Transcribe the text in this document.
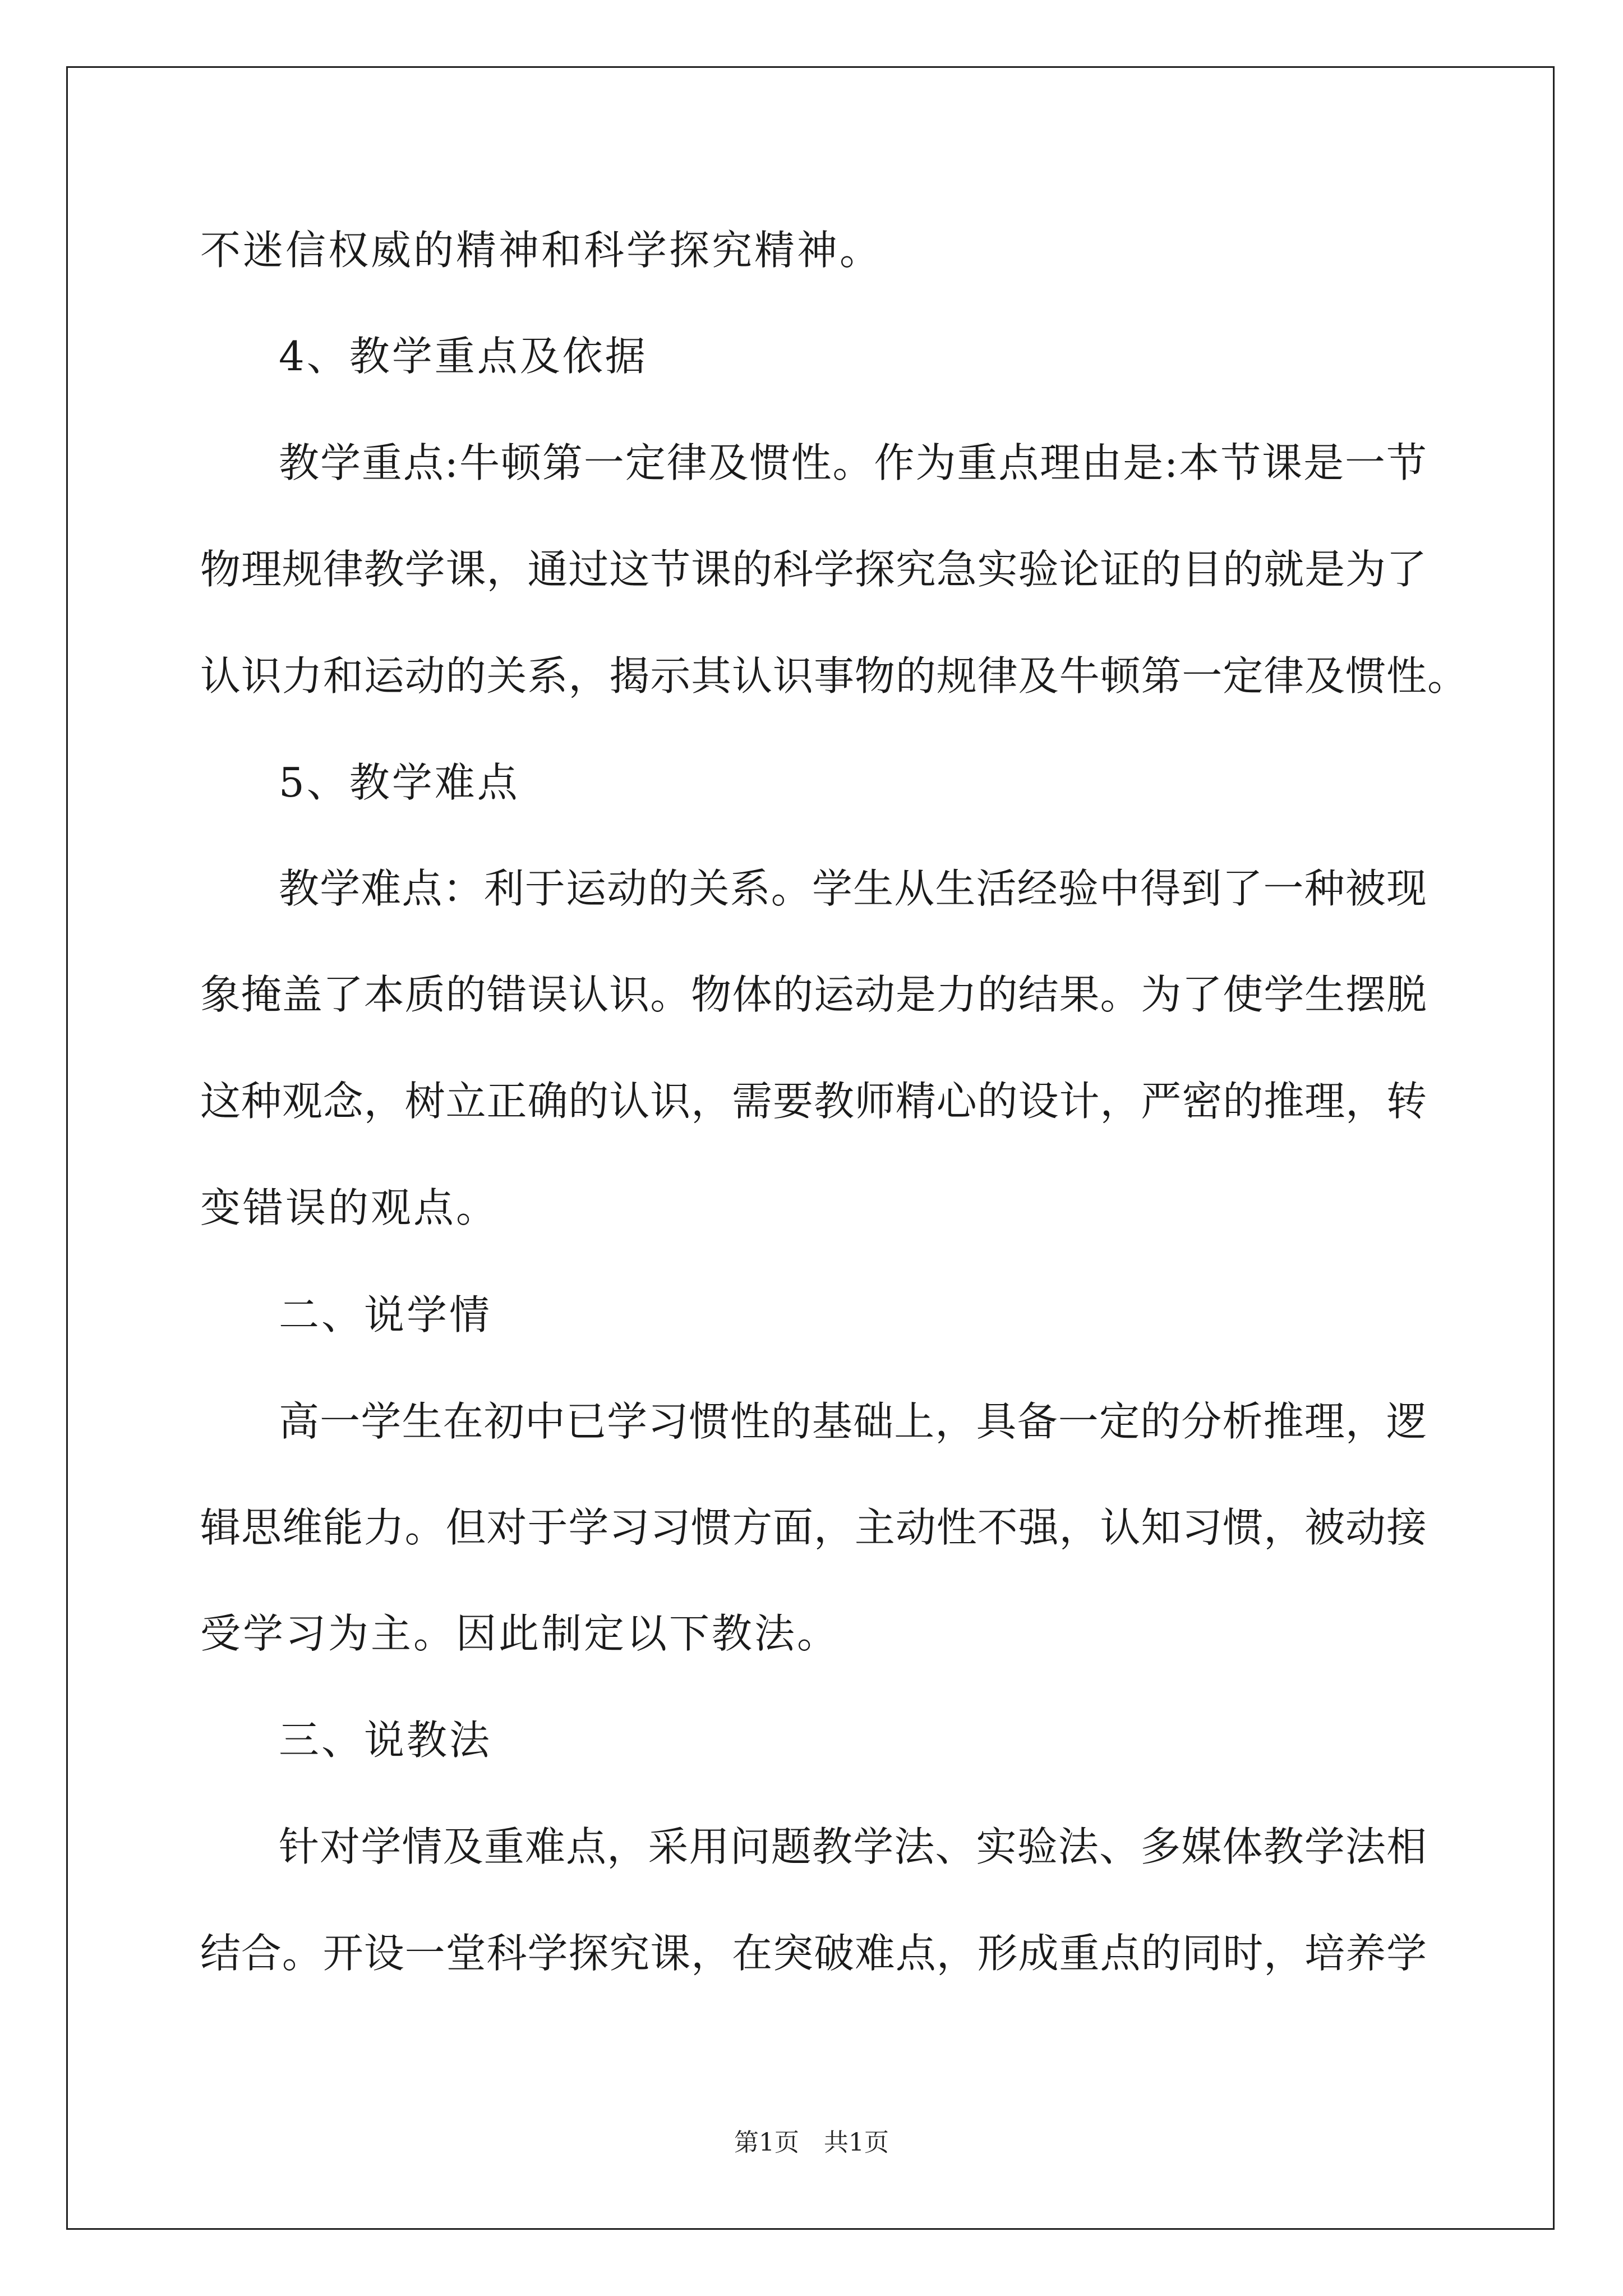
不迷信权威的精神和科学探究精神。
4、教学重点及依据
教学重点:牛顿第一定律及惯性。作为重点理由是:本节课是一节
物理规律教学课，通过这节课的科学探究急实验论证的目的就是为了
认识力和运动的关系，揭示其认识事物的规律及牛顿第一定律及惯性。
5、教学难点
教学难点：利于运动的关系。学生从生活经验中得到了一种被现
象掩盖了本质的错误认识。物体的运动是力的结果。为了使学生摆脱
这种观念，树立正确的认识，需要教师精心的设计，严密的推理，转
变错误的观点。
二、说学情
高一学生在初中已学习惯性的基础上，具备一定的分析推理，逻
辑思维能力。但对于学习习惯方面，主动性不强，认知习惯，被动接
受学习为主。因此制定以下教法。
三、说教法
针对学情及重难点，采用问题教学法、实验法、多媒体教学法相
结合。开设一堂科学探究课，在突破难点，形成重点的同时，培养学
第1页 共1页
